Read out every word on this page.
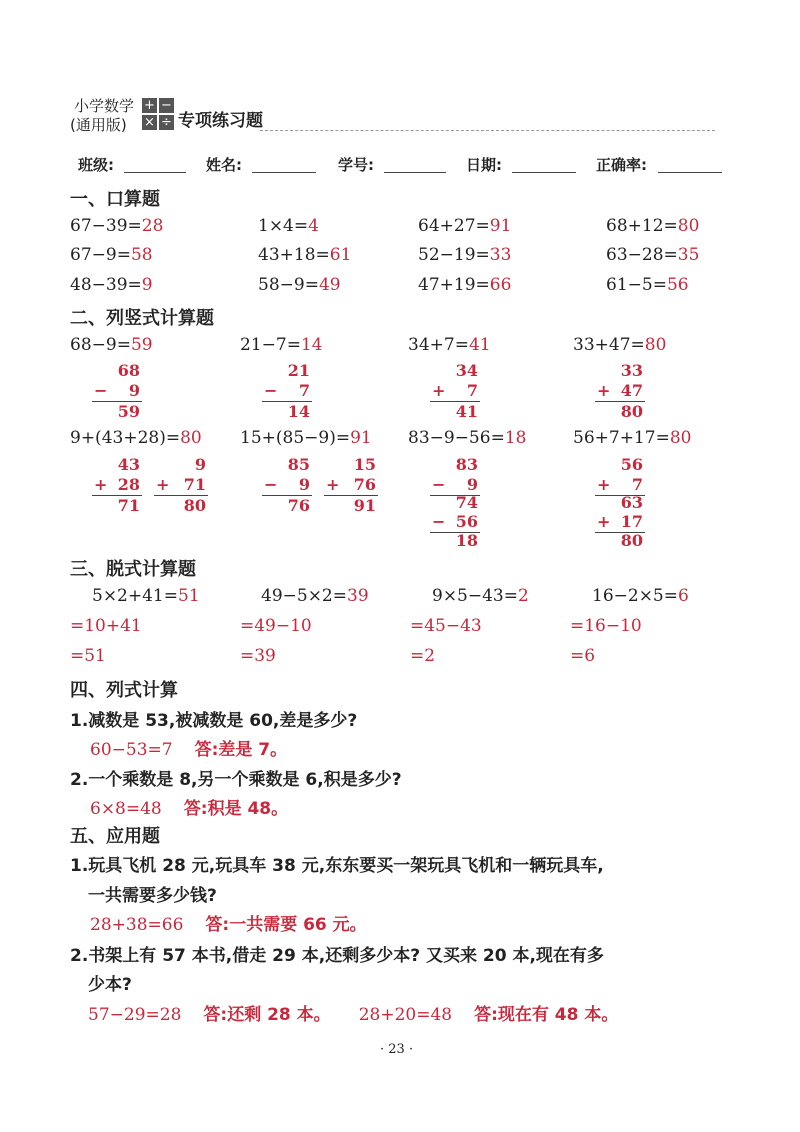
小学数学
(通用版)
+ −
× ÷ 专项练习题
班级:	姓名:	学号:	日期:	正确率:
一、口算题
67−39=28	1×4=4	64+27=91	68+12=80
67−9=58	43+18=61	52−19=33	63−28=35
48−39=9	58−9=49	47+19=66	61−5=56
二、列竖式计算题
68−9=59	21−7=14	34+7=41	33+47=80
68
−	9
59
21
−	7
14
34
+	7
41
33
+ 47
80
9+(43+28)=80 15+(85−9)=91 83−9−56=18	56+7+17=80
43
+ 28
71
9
+ 71
80
85
−	9
76
15
+ 76
91
83
−	9
74
− 56
18
56
+	7
63
+ 17
80
三、脱式计算题
5×2+41=51	49−5×2=39	9×5−43=2	16−2×5=6
=10+41	=49−10	=45−43	=16−10
=51	=39	=2	=6
四、列式计算
1.减数是 53,被减数是 60,差是多少?
60−53=7 答:差是 7。
2.一个乘数是 8,另一个乘数是 6,积是多少?
6×8=48 答:积是 48。
五、应用题
1.玩具飞机 28 元,玩具车 38 元,东东要买一架玩具飞机和一辆玩具车,
一共需要多少钱?
28+38=66 答:一共需要 66 元。
2.书架上有 57 本书,借走 29 本,还剩多少本? 又买来 20 本,现在有多
少本?
57−29=28 答:还剩 28 本。 28+20=48 答:现在有 48 本。
· 23 ·
